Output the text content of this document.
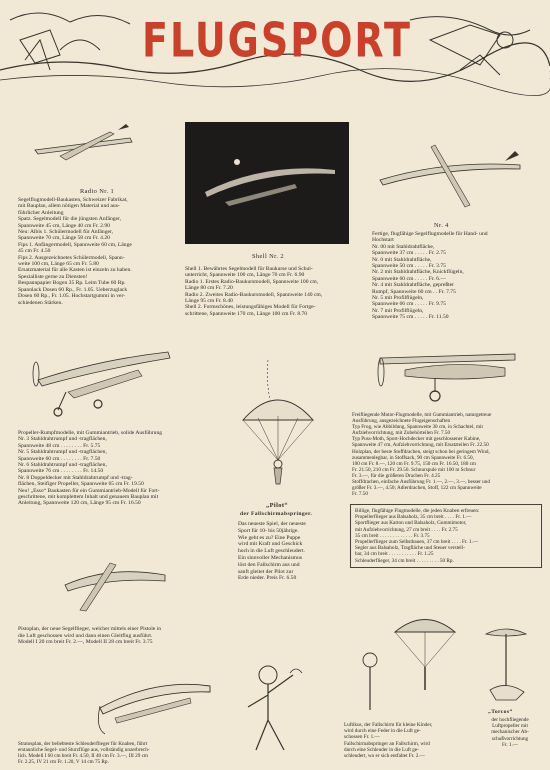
FLUGSPORT
Radio Nr. 1
Segelflugmodell-Baukasten, Schweizer Fabrikat,
mit Bauplan, allem nötigen Material und aus-
führlicher Anleitung
Spatz. Segelmodell für die jüngsten Anfänger,
Spannweite 45 cm, Länge 40 cm Fr. 2.90
Neu: Albis 1. Schülermodell für Anfänger,
Spannweite 70 cm, Länge 58 cm Fr. 4.20
Fips 1. Anfängermodell, Spannweite 60 cm, Länge
45 cm Fr. 4.50
Fips 2. Ausgezeichnetes Schülermodell, Spann-
weite 100 cm, Länge 65 cm Fr. 5.80
Ersatzmaterial für alle Kasten ist einzeln zu haben.
Spezialliste gerne zu Diensten!
Bespannpapier Bogen 35 Rp. Leim Tube 60 Rp.
Spannlack Dosen 60 Rp., Fr. 1.05. Ueberzuglack
Dosen 60 Rp., Fr. 1.05. Hochstartgummi in ver-
schiedenen Stärken.
Shell Nr. 2
Shell 1. Bewährtes Segelmodell für Baukurse und Schul-
unterricht, Spannweite 100 cm, Länge 70 cm Fr. 6.90
Radio 1. Erstes Radio-Baukursmodell, Spannweite 100 cm,
Länge 80 cm Fr. 7.20
Radio 2. Zweites Radio-Baukursmodell, Spannweite 140 cm,
Länge 95 cm Fr. 8.40
Shell 2. Formschönes, leistungsfähiges Modell für Fortge-
schrittene, Spannweite 170 cm, Länge 100 cm Fr. 8.70
Nr. 4
Fertige, flugfähige Segelflugmodelle für Hand- und
Hochstart
Nr. 00 mit Stahldrahtfläche,
Spannweite 37 cm . . . . . Fr. 2.75
Nr. 0 mit Stahldrahtfläche,
Spannweite 50 cm . . . . . Fr. 3.75
Nr. 2 mit Stahldrahtfläche, Knickflügeln,
Spannweite 60 cm . . . . . Fr. 6.—
Nr. 4 mit Stahldrahtfläche, gepreßter
Rumpf, Spannweite 60 cm . . Fr. 7.75
Nr. 5 mit Profilflügeln,
Spannweite 66 cm . . . . . Fr. 9.75
Nr. 7 mit Profilflügeln,
Spannweite 75 cm . . . . . Fr. 11.50
Propeller-Rumpfmodelle, mit Gummiantrieb, solide Ausführung
Nr. 3 Stahldrahtrumpf und -tragflächen,
Spannweite 48 cm . . . . . . . . Fr. 5.75
Nr. 5 Stahldrahtrumpf und -tragflächen,
Spannweite 60 cm . . . . . . . . Fr. 7.50
Nr. 6 Stahldrahtrumpf und -tragflächen,
Spannweite 76 cm . . . . . . . . Fr. 14.50
Nr. 8 Doppeldecker mit Stahldrahtrumpf und -trag-
flächen, Steifiger Propeller, Spannweite 65 cm Fr. 19.50
Neu! „Esso“ Baukasten für ein Gummiantrieb-Modell für Fort-
geschrittene, mit komplettem Inhalt und genauem Bauplan mit
Anleitung, Spannweite 120 cm, Länge 95 cm Fr. 16.50	„Pilot“
der Fallschirmabspringer.
Das neueste Spiel, der neueste
Sport für 10- bis 50jährige.
Wie geht es zu? Eine Puppe
wird mit Kraft und Geschick
hoch in die Luft geschleudert.
Ein sinnvoller Mechanismus
löst den Fallschirm aus und
sanft gleitet der Pilot zur
Erde nieder. Preis Fr. 6.50
Freifliegende Motor-Flugmodelle, mit Gummiantrieb, naturgetreue
Ausführung, ausgezeichnete Flugeigenschaften
Typ Frog, wie Abbildung, Spannweite 30 cm, in Schachtel, mit
Aufziehvorrichtung, mit Zubehörteilen Fr. 7.50
Typ Puss-Moth, Sport-Hochdecker mit geschlossener Kabine,
Spannweite 47 cm, Aufziehvorrichtung, mit Ersatzteilen Fr. 22.50
Holzplan, der beste Stoffdrachen, steigt schon bei geringem Wind,
zusammenlegbar, in Stoffsack, 90 cm Spannweite Fr. 6.50,
100 cm Fr. 8.—, 120 cm Fr. 9.75, 150 cm Fr. 16.50, 180 cm
Fr. 21.50, 210 cm Fr. 29.50. Schnurspule mit 100 m Schnur
Fr. 3.—, für die größeren Drachen Fr. 4.25
Stoffdrachen, einfache Ausführung Fr. 1.—, 2.—, 3.—, besser und
größer Fr. 3.—, 4.50; Adlerdrachen, Stoff, 122 cm Spannweite
Fr. 7.50
Billige, flugfähige Flugmodelle, die jeden Knaben erfreuen:
Propellerflieger aus Balsaholz, 35 cm breit . . . . Fr. 1.—
Sportflieger aus Karton und Balsaholz, Gummimotor,
mit Aufziehvorrichtung, 27 cm breit . . . . Fr. 2.75
35 cm breit . . . . . . . . . . . . . Fr. 3.75
Propellerflieger zum Selbstbauen, 37 cm breit . . . . Fr. 1.—
Segler aus Balsaholz, Tragfläche und Steuer verstell-
bar, 34 cm breit . . . . . . . . . . . Fr. 1.25
Schleuderflieger, 34 cm breit . . . . . . . . . 50 Rp.
Pistoplan, der neue Segelflieger, welcher mittels einer Pistole in
die Luft geschossen wird und dann einen Gleitflug ausführt.
Modell I 20 cm breit Fr. 2.—, Modell II 28 cm breit Fr. 3.75
Stratosplan, der beliebteste Schleuderflieger für Knaben, führt
erstaunliche Segel- und Sturzflüge aus, vollständig unzerbrech-
lich. Modell I 60 cm breit Fr. 4.50, II 40 cm Fr. 3.—, III 29 cm
Fr. 2.25, IV 21 cm Fr. 1.20, V 14 cm 75 Rp.
Luftikus, der Fallschirm für kleine Kinder,
wird durch eine Feder in die Luft ge-
schossen Fr. 1.—
Fallschirmabspringer an Fallschirm, wird
durch eine Schleuder in die Luft ge-
schleudert, wo er sich entfaltet Fr. 2.—
„Torcos“
der hochfliegende
Luftpropeller mit
mechanischer Ab-
schußvorrichtung
Fr. 1.—
